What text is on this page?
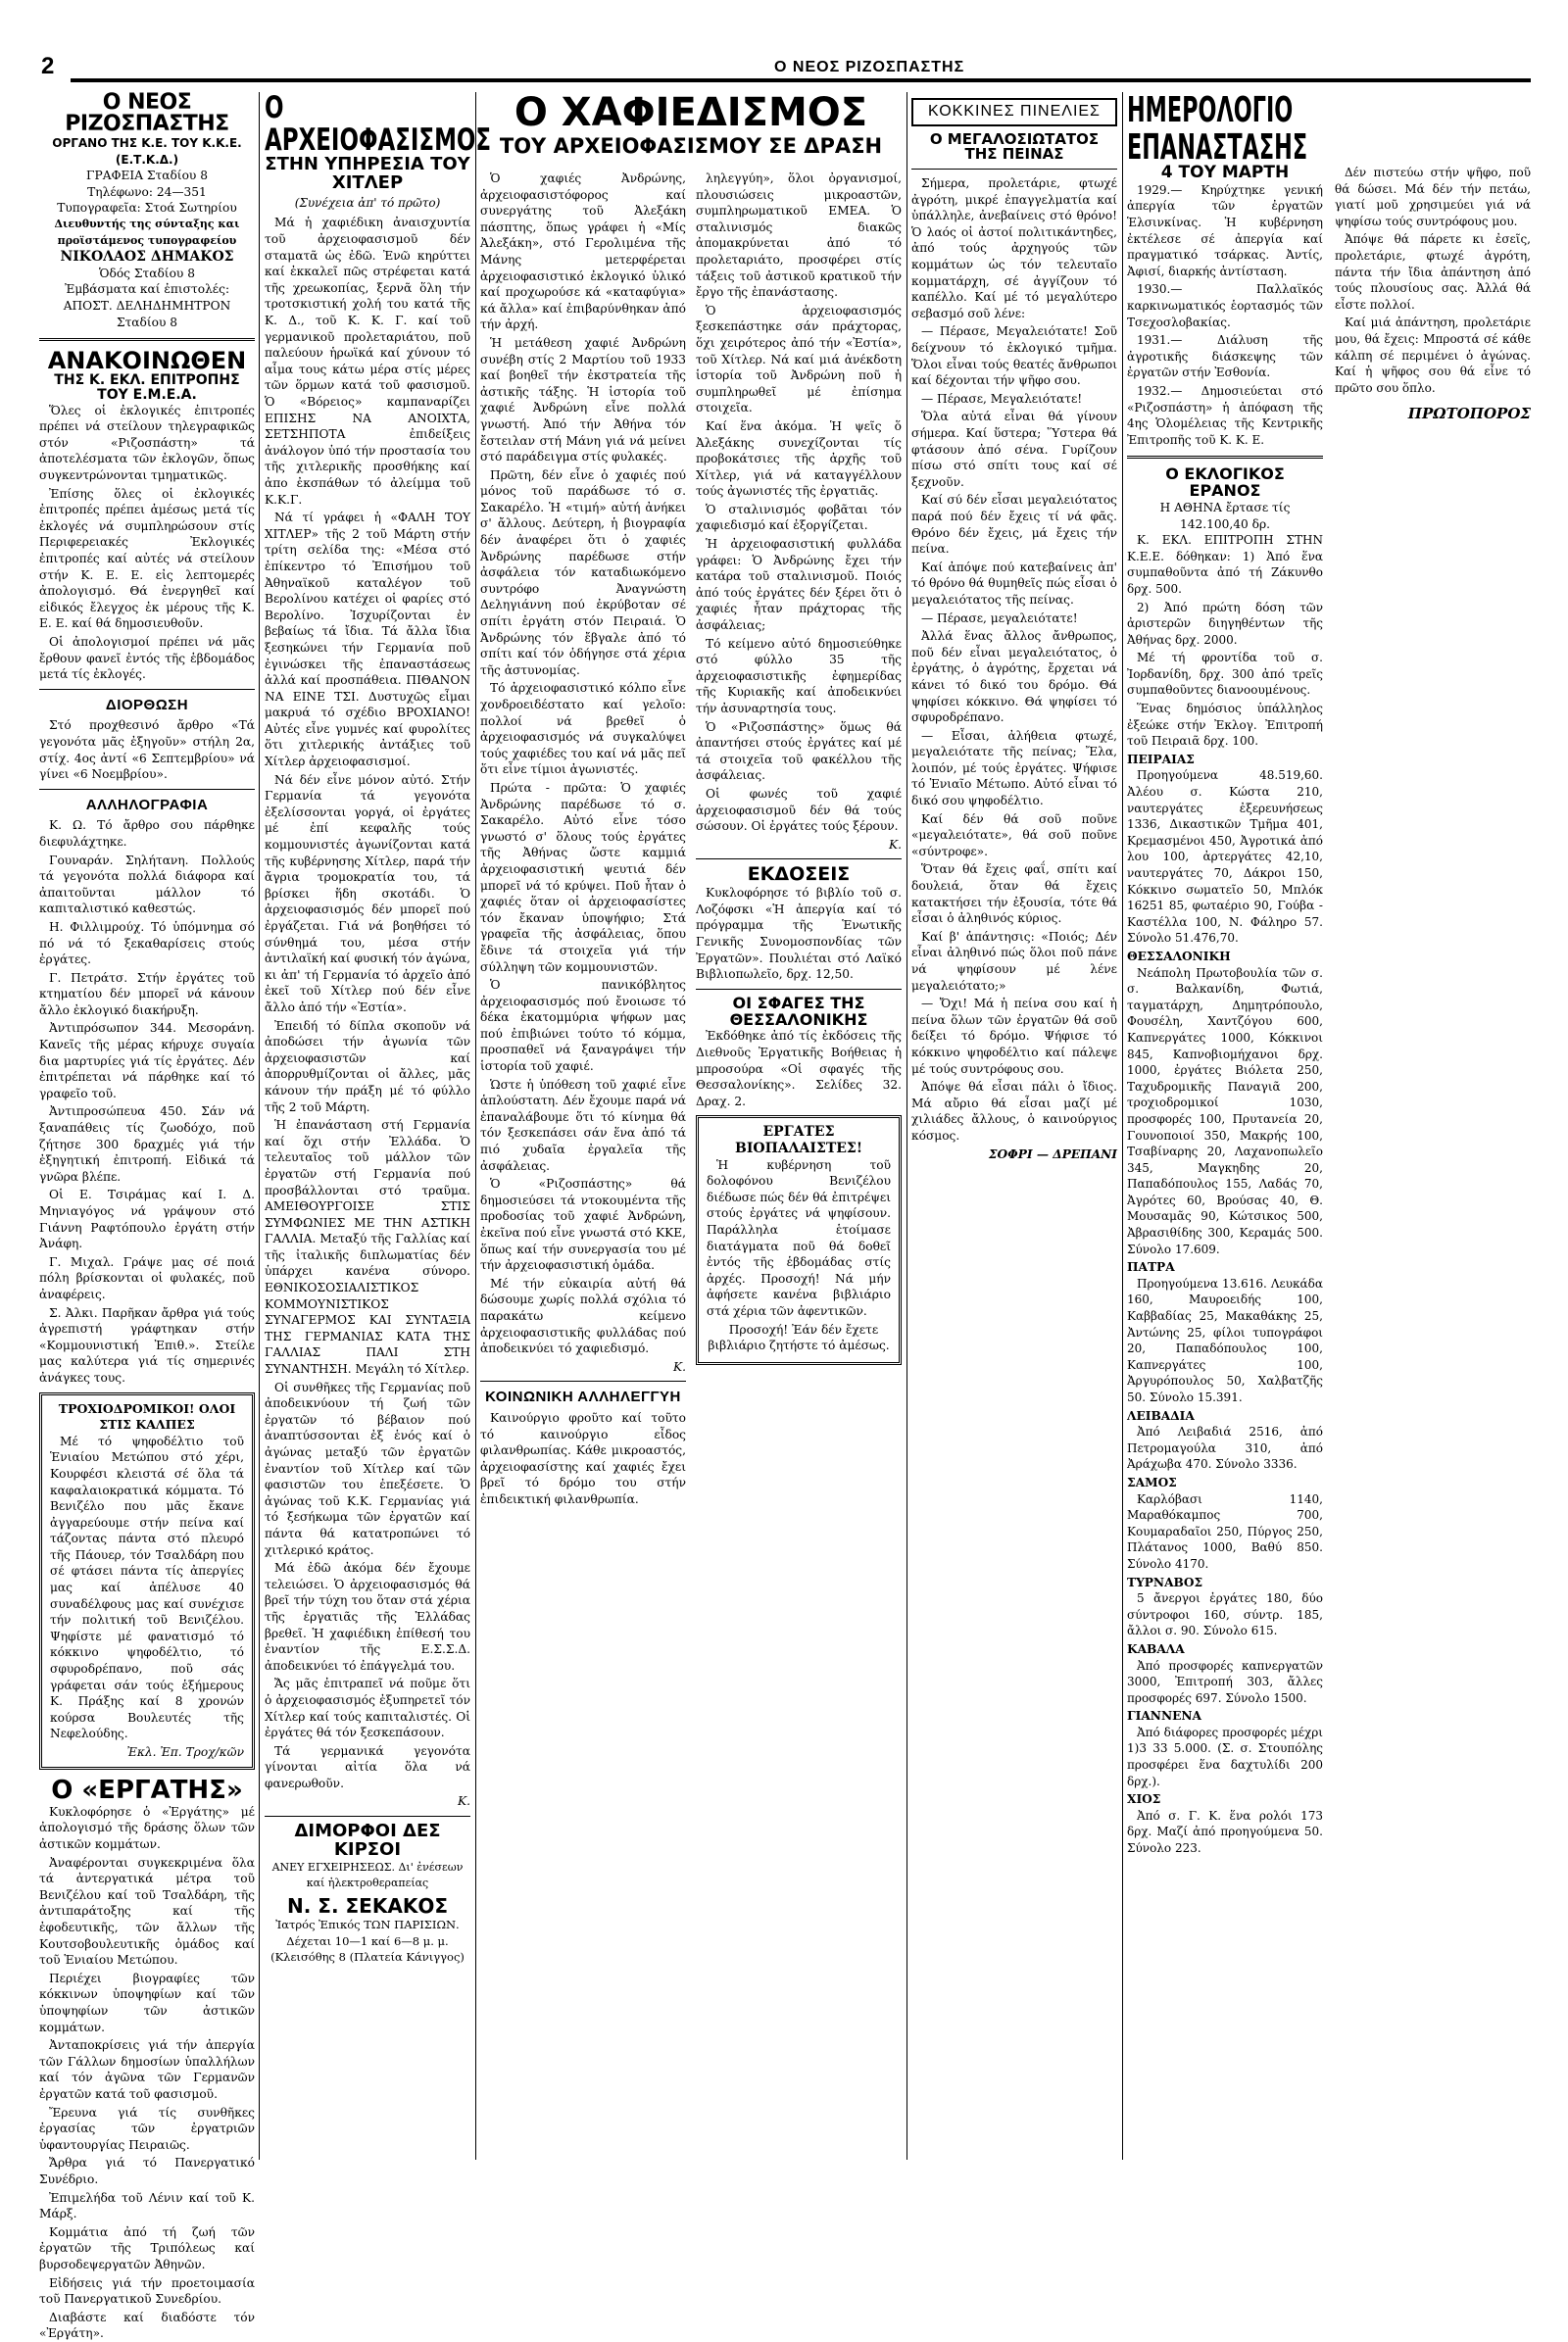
2	Ο ΝΕΟΣ ΡΙΖΟΣΠΑΣΤΗΣ
Ο ΝΕΟΣ ΡΙΖΟΣΠΑΣΤΗΣ
ΟΡΓΑΝΟ ΤΗΣ Κ.Ε. ΤΟΥ Κ.Κ.Ε. (Ε.Τ.Κ.Δ.)
ΓΡΑΦΕΙΑ Σταδίου 8
Τηλέφωνο: 24—351
Τυπογραφεῖα: Στοά Σωτηρίου
Διευθυντής της σύνταξης και προϊστάμενος τυπογραφείου
ΝΙΚΟΛΑΟΣ ΔΗΜΑΚΟΣ
Ὁδός Σταδίου 8
Ἐμβάσματα καί ἐπιστολές:
ΑΠΟΣΤ. ΔΕΛΗΔΗΜΗΤΡΟΝ
Σταδίου 8
ΑΝΑΚΟΙΝΩΘΕΝ
ΤΗΣ Κ. ΕΚΛ. ΕΠΙΤΡΟΠΗΣ ΤΟΥ Ε.Μ.Ε.Α.

Ὅλες οἱ ἐκλογικές ἐπιτροπές πρέπει νά στείλουν τηλεγραφικῶς στόν «Ριζοσπάστη» τά ἀποτελέσματα τῶν ἐκλογῶν, ὅπως συγκεντρώνονται τμηματικῶς.

Ἐπίσης ὅλες οἱ ἐκλογικές ἐπιτροπές πρέπει ἀμέσως μετά τίς ἐκλογές νά συμπληρώσουν στίς Περιφερειακές Ἐκλογικές ἐπιτροπές καί αὐτές νά στείλουν στήν Κ. Ε. Ε. εἰς λεπτομερές ἀπολογισμό. Θά ἐνεργηθεῖ καί εἰδικός ἔλεγχος ἐκ μέρους τῆς Κ. Ε. Ε. καί θά δημοσιευθοῦν.

Οἱ ἀπολογισμοί πρέπει νά μᾶς ἔρθουν φανεῖ ἐντός τῆς ἑβδομάδος μετά τίς ἐκλογές.

ΔΙΟΡΘΩΣΗ

Στό προχθεσινό ἄρθρο «Τά γεγονότα μᾶς ἐξηγοῦν» στήλη 2α, στίχ. 4ος ἀντί «6 Σεπτεμβρίου» νά γίνει «6 Νοεμβρίου».

ΑΛΛΗΛΟΓΡΑΦΙΑ

Κ. Ω. Τό ἄρθρο σου πάρθηκε διεφυλάχτηκε.

Γουναράν. Σηλήτανη. Πολλούς τά γεγονότα πολλά διάφορα καί ἀπαιτοῦνται μάλλον τό καπιταλιστικό καθεστώς.

Η. Φιλλιμρούχ. Τό ὑπόμνημα σό πό νά τό ξεκαθαρίσεις στούς ἐργάτες.

Γ. Πετράτσ. Στήν ἐργάτες τοῦ κτηματίου δέν μπορεῖ νά κάνουν ἄλλο ἐκλογικό διακήρυξη.

Ἀντιπρόσωπον 344. Μεσοράνη. Κανεῖς τῆς μέρας κήρυχε συγαία δια μαρτυρίες γιά τίς ἐργάτες. Δέν ἐπιτρέπεται νά πάρθηκε καί τό γραφεῖο τοῦ.

Ἀντιπροσώπευα 450. Σάν νά ξαναπάθεις τίς ζωοδόχο, ποῦ ζήτησε 300 δραχμές γιά τήν ἐξηγητική ἐπιτροπή. Εἰδικά τά γνῶρα βλέπε.

Οἱ Ε. Τσιράμας καί Ι. Δ. Μηνιαγόγος νά γράψουν στό Γιάννη Ραφτόπουλο ἐργάτη στήν Ἀνάφη.

Γ. Μιχαλ. Γράψε μας σέ ποιά πόλη βρίσκονται οἱ φυλακές, ποῦ ἀναφέρεις.

Σ. Ἀλκι. Παρῆκαν ἄρθρα γιά τούς ἀγρεπιστή γράφτηκαν στήν «Κομμουνιστική Ἐπιθ.». Στείλε μας καλύτερα γιά τίς σημερινές ἀνάγκες τους.

ΤΡΟΧΙΟΔΡΟΜΙΚΟΙ! ΟΛΟΙ ΣΤΙΣ ΚΑΛΠΕΣ

Μέ τό ψηφοδέλτιο τοῦ Ἑνιαίου Μετώπου στό χέρι, Κουρφέσι κλειστά σέ ὅλα τά καφαλαιοκρατικά κόμματα. Τό Βενιζέλο που μᾶς ἔκανε ἀγγαρεύουμε στήν πείνα καί τάζοντας πάντα στό πλευρό τῆς Πάουερ, τόν Τσαλδάρη που σέ φτάσει πάντα τίς ἀπεργίες μας καί ἀπέλυσε 40 συναδέλφους μας καί συνέχισε τήν πολιτική τοῦ Βενιζέλου. Ψηφίστε μέ φανατισμό τό κόκκινο ψηφοδέλτιο, τό σφυροδρέπανο, ποῦ σάς γράφεται σάν τούς ἑξήμερους Κ. Πράξης καί 8 χρονών κούρσα Βουλευτές τῆς Νεφελούδης.

Ἐκλ. Ἐπ. Τροχ/κῶν
Ο «ΕΡΓΑΤΗΣ»

Κυκλοφόρησε ὁ «Ἐργάτης» μέ ἀπολογισμό τῆς δράσης ὅλων τῶν ἀστικῶν κομμάτων.

Ἀναφέρονται συγκεκριμένα ὅλα τά ἀντεργατικά μέτρα τοῦ Βενιζέλου καί τοῦ Τσαλδάρη, τῆς ἀντιπαράτοξης καί τῆς ἐφοδευτικῆς, τῶν ἄλλων τῆς Κουτσοβουλευτικῆς ὁμάδος καί τοῦ Ἑνιαίου Μετώπου.

Περιέχει βιογραφίες τῶν κόκκινων ὑποψηφίων καί τῶν ὑποψηφίων τῶν ἀστικῶν κομμάτων.

Ἀνταποκρίσεις γιά τήν ἀπεργία τῶν Γάλλων δημοσίων ὑπαλλήλων καί τόν ἀγῶνα τῶν Γερμανῶν ἐργατῶν κατά τοῦ φασισμοῦ.

Ἔρευνα γιά τίς συνθῆκες ἐργασίας τῶν ἐργατριῶν ὑφαντουργίας Πειραιῶς.

Ἄρθρα γιά τό Πανεργατικό Συνέδριο.

Ἐπιμελήδα τοῦ Λένιν καί τοῦ Κ. Μάρξ.

Κομμάτια ἀπό τή ζωή τῶν ἐργατῶν τῆς Τριπόλεως καί βυρσοδεψεργατῶν Ἀθηνῶν.

Εἰδήσεις γιά τήν προετοιμασία τοῦ Πανεργατικοῦ Συνεδρίου.

Διαβάστε καί διαδόστε τόν «Ἐργάτη».

Ο ΑΡΧΕΙΟΦΑΣΙΣΜΟΣ
ΣΤΗΝ ΥΠΗΡΕΣΙΑ ΤΟΥ ΧΙΤΛΕΡ
(Συνέχεια ἀπ' τό πρῶτο)

Μά ἡ χαφιέδικη ἀναισχυντία τοῦ ἀρχειοφασισμοῦ δέν σταματᾶ ὡς ἐδῶ. Ἐνῶ κηρύττει καί ἐκκαλεῖ πῶς στρέφεται κατά τῆς χρεωκοπίας, ξερνᾶ ὅλη τήν τροτσκιστική χολή του κατά τῆς Κ. Δ., τοῦ Κ. Κ. Γ. καί τοῦ γερμανικοῦ προλεταριάτου, ποῦ παλεύουν ἡρωϊκά καί χύνουν τό αἷμα τους κάτω μέρα στίς μέρες τῶν ὅρμων κατά τοῦ φασισμοῦ. Ὁ «Βόρειος» καμπαναρίζει ΕΠΙΣΗΣ ΝΑ ΑΝΟΙΧΤΑ, ΣΕΤΣΗΠΟΤΑ ἐπιδείξεις ἀνάλογον ὑπό τήν προστασία του τῆς χιτλερικῆς προσθήκης καί ἀπο ἐκσπάθων τό ἀλείμμα τοῦ Κ.Κ.Γ.

Νά τί γράφει ἡ «ΦΑΛΗ ΤΟΥ ΧΙΤΛΕΡ» τῆς 2 τοῦ Μάρτη στήν τρίτη σελίδα της: «Μέσα στό ἐπίκεντρο τό Ἐπισήμου τοῦ Ἀθηναϊκοῦ καταλέγον τοῦ Βερολίνου κατέχει οἱ φαρίες στό Βερολίνο. Ἰσχυρίζονται ἐν βεβαίως τά ἴδια. Τά ἄλλα ἴδια ξεσηκώνει τήν Γερμανία ποῦ ἐγινώσκει τῆς ἐπαναστάσεως ἀλλά καί προσπάθεια. ΠΙΘΑΝΟΝ ΝΑ ΕΙΝΕ ΤΣΙ. Δυστυχῶς εἶμαι μακρυά τό σχέδιο ΒΡΟΧΙΑΝΟ! Αὐτές εἶνε γυμνές καί φυρολίτες ὅτι χιτλερικής ἀντάξιες τοῦ Χίτλερ ἀρχειοφασισμοί.

Νά δέν εἶνε μόνον αὐτό. Στήν Γερμανία τά γεγονότα ἐξελίσσονται γοργά, οἱ ἐργάτες μέ ἐπί κεφαλῆς τούς κομμουνιστές ἀγωνίζονται κατά τῆς κυβέρνησης Χίτλερ, παρά τήν ἄγρια τρομοκρατία του, τά βρίσκει ἥδη σκοτάδι. Ὁ ἀρχειοφασισμός δέν μπορεῖ πού ἐργάζεται. Γιά νά βοηθήσει τό σύνθημά του, μέσα στήν ἀντιλαϊκή καί φυσική τόν ἀγώνα, κι ἀπ' τή Γερμανία τό ἀρχεῖο ἀπό ἐκεῖ τοῦ Χίτλερ πού δέν εἶνε ἄλλο ἀπό τήν «Ἐστία».

Ἐπειδή τό δίπλα σκοποῦν νά ἀποδώσει τήν ἀγωνία τῶν ἀρχειοφασιστῶν καί ἀπορρυθμίζονται οἱ ἄλλες, μᾶς κάνουν τήν πράξη μέ τό φύλλο τῆς 2 τοῦ Μάρτη.

Ἡ ἐπανάσταση στή Γερμανία καί ὅχι στήν Ἐλλάδα. Ὁ τελευταῖος τοῦ μάλλον τῶν ἐργατῶν στή Γερμανία πού προσβάλλονται στό τραῦμα. ΑΜΕΙΘΟΥΡΓΟΙΣΕ ΣΤΙΣ ΣΥΜΦΩΝΙΕΣ ΜΕ ΤΗΝ ΑΣΤΙΚΗ ΓΑΛΛΙΑ. Μεταξύ τῆς Γαλλίας καί τῆς ἰταλικῆς διπλωματίας δέν ὑπάρχει κανένα σύνορο. ΕΘΝΙΚΟΣΟΣΙΑΛΙΣΤΙΚΟΣ ΚΟΜΜΟΥΝΙΣΤΙΚΟΣ ΣΥΝΑΓΕΡΜΟΣ ΚΑΙ ΣΥΝΤΑΞΙΑ ΤΗΣ ΓΕΡΜΑΝΙΑΣ ΚΑΤΑ ΤΗΣ ΓΑΛΛΙΑΣ ΠΑΛΙ ΣΤΗ ΣΥΝΑΝΤΗΣΗ. Μεγάλη τό Χίτλερ.

Οἱ συνθῆκες τῆς Γερμανίας ποῦ ἀποδεικνύουν τή ζωή τῶν ἐργατῶν τό βέβαιον πού ἀναπτύσσονται ἐξ ἑνός καί ὁ ἀγώνας μεταξύ τῶν ἐργατῶν ἐναντίον τοῦ Χίτλερ καί τῶν φασιστῶν του ἐπεξέσετε. Ὁ ἀγώνας τοῦ Κ.Κ. Γερμανίας γιά τό ξεσήκωμα τῶν ἐργατῶν καί πάντα θά κατατροπώνει τό χιτλερικό κράτος.

Μά ἐδῶ ἀκόμα δέν ἔχουμε τελειώσει. Ὁ ἀρχειοφασισμός θά βρεῖ τήν τύχη του ὅταν στά χέρια τῆς ἐργατιᾶς τῆς Ἑλλάδας βρεθεῖ. Ἡ χαφιέδικη ἐπίθεσή του ἐναντίον τῆς Ε.Σ.Σ.Δ. ἀποδεικνύει τό ἐπάγγελμά του.

Ἄς μᾶς ἐπιτραπεῖ νά ποῦμε ὅτι ὁ ἀρχειοφασισμός ἐξυπηρετεῖ τόν Χίτλερ καί τούς καπιταλιστές. Οἱ ἐργάτες θά τόν ξεσκεπάσουν.

Τά γερμανικά γεγονότα γίνονται αἰτία ὅλα νά φανερωθοῦν.

Κ.
ΔΙΜΟΡΦΟΙ ΔΕΣ ΚΙΡΣΟΙ
ΑΝΕΥ ΕΓΧΕΙΡΗΣΕΩΣ. Δι' ἐνέσεων καί ἠλεκτροθεραπείας
Ν. Σ. ΣΕΚΑΚΟΣ
Ἰατρός Ἐπικός ΤΩΝ ΠΑΡΙΣΙΩΝ. Δέχεται 10—1 καί 6—8 μ. μ. (Κλεισόθης 8 (Πλατεία Κάνιγγος)
Ο ΧΑΦΙΕΔΙΣΜΟΣ
ΤΟΥ ΑΡΧΕΙΟΦΑΣΙΣΜΟΥ ΣΕ ΔΡΑΣΗ

Ὁ χαφιές Ἀνδρώνης, ἀρχειοφασιστόφορος καί συνεργάτης τοῦ Ἀλεξάκη πάσπτης, ὅπως γράφει ἡ «Μίς Ἀλεξάκη», στό Γερολιμένα τῆς Μάνης μετερφέρεται ἀρχειοφασιστικό ἐκλογικό ὑλικό καί προχωρούσε κά «καταφύγια» κά ἄλλα» καί ἐπιβαρύνθηκαν ἀπό τήν ἀρχή.

Ἡ μετάθεση χαφιέ Ἀνδρώνη συνέβη στίς 2 Μαρτίου τοῦ 1933 καί βοηθεῖ τήν ἐκστρατεία τῆς ἀστικῆς τάξης. Ἡ ἱστορία τοῦ χαφιέ Ἀνδρώνη εἶνε πολλά γνωστή. Ἀπό τήν Ἀθήνα τόν ἔστειλαν στή Μάνη γιά νά μείνει στό παράδειγμα στίς φυλακές.

Πρῶτη, δέν εἶνε ὁ χαφιές πού μόνος τοῦ παράδωσε τό σ. Σακαρέλο. Ἡ «τιμή» αὐτή ἀνήκει σ' ἄλλους. Δεύτερη, ἡ βιογραφία δέν ἀναφέρει ὅτι ὁ χαφιές Ἀνδρώνης παρέδωσε στήν ἀσφάλεια τόν καταδιωκόμενο συντρόφο Ἀναγνώστη Δεληγιάννη πού ἐκρύβοταν σέ σπίτι ἐργάτη στόν Πειραιά. Ὁ Ἀνδρώνης τόν ἔβγαλε ἀπό τό σπίτι καί τόν ὁδήγησε στά χέρια τῆς ἀστυνομίας.

Τό ἀρχειοφασιστικό κόλπο εἶνε χονδροειδέστατο καί γελοῖο: πολλοί νά βρεθεῖ ὁ ἀρχειοφασισμός νά συγκαλύψει τούς χαφιέδες του καί νά μᾶς πεῖ ὅτι εἶνε τίμιοι ἀγωνιστές.

Πρώτα - πρῶτα: Ὁ χαφιές Ἀνδρώνης παρέδωσε τό σ. Σακαρέλο. Αὐτό εἶνε τόσο γνωστό σ' ὅλους τούς ἐργάτες τῆς Ἀθήνας ὥστε καμμιά ἀρχειοφασιστική ψευτιά δέν μπορεῖ νά τό κρύψει. Ποῦ ἦταν ὁ χαφιές ὅταν οἱ ἀρχειοφασίστες τόν ἔκαναν ὑποψήφιο; Στά γραφεῖα τῆς ἀσφάλειας, ὅπου ἔδινε τά στοιχεῖα γιά τήν σύλληψη τῶν κομμουνιστῶν.

Ὁ πανικόβλητος ἀρχειοφασισμός πού ἔνοιωσε τό δέκα ἑκατομμύρια ψήφων μας πού ἐπιβιώνει τούτο τό κόμμα, προσπαθεῖ νά ξαναγράψει τήν ἱστορία τοῦ χαφιέ.

Ὡστε ἡ ὑπόθεση τοῦ χαφιέ εἶνε ἁπλούστατη. Δέν ἔχουμε παρά νά ἐπαναλάβουμε ὅτι τό κίνημα θά τόν ξεσκεπάσει σάν ἕνα ἀπό τά πιό χυδαῖα ἐργαλεῖα τῆς ἀσφάλειας.

Ὁ «Ριζοσπάστης» θά δημοσιεύσει τά ντοκουμέντα τῆς προδοσίας τοῦ χαφιέ Ἀνδρώνη, ἐκεῖνα πού εἶνε γνωστά στό ΚΚΕ, ὅπως καί τήν συνεργασία του μέ τήν ἀρχειοφασιστική ὁμάδα.

Μέ τήν εὐκαιρία αὐτή θά δώσουμε χωρίς πολλά σχόλια τό παρακάτω κείμενο ἀρχειοφασιστικῆς φυλλάδας πού ἀποδεικνύει τό χαφιεδισμό.

Κ.
ΚΟΙΝΩΝΙΚΗ ΑΛΛΗΛΕΓΓΥΗ

Καινούργιο φροῦτο καί τοῦτο τό καινούργιο εἶδος φιλανθρωπίας. Κάθε μικροαστός, ἀρχειοφασίστης καί χαφιές ἔχει βρεῖ τό δρόμο του στήν ἐπιδεικτική φιλανθρωπία.

ληλεγγύη», ὅλοι ὀργανισμοί, πλουσιώσεις μικροαστῶν, συμπληρωματικοῦ ΕΜΕΑ. Ὁ σταλινισμός διακῶς ἀπομακρύνεται ἀπό τό προλεταριάτο, προσφέρει στίς τάξεις τοῦ ἀστικοῦ κρατικοῦ τήν ἔργο τῆς ἐπανάστασης.

Ὁ ἀρχειοφασισμός ξεσκεπάστηκε σάν πράχτορας, ὅχι χειρότερος ἀπό τήν «Ἐστία», τοῦ Χίτλερ. Νά καί μιά ἀνέκδοτη ἱστορία τοῦ Ἀνδρώνη ποῦ ἡ συμπληρωθεῖ μέ ἐπίσημα στοιχεῖα.

Καί ἕνα ἀκόμα. Ἡ ψεῖς ὅ Ἀλεξάκης συνεχίζονται τίς προβοκάτσιες τῆς ἀρχῆς τοῦ Χίτλερ, γιά νά καταγγέλλουν τούς ἀγωνιστές τῆς ἐργατιᾶς.

Ὁ σταλινισμός φοβᾶται τόν χαφιεδισμό καί ἐξοργίζεται.

Ἡ ἀρχειοφασιστική φυλλάδα γράφει: Ὁ Ἀνδρώνης ἔχει τήν κατάρα τοῦ σταλινισμοῦ. Ποιός ἀπό τούς ἐργάτες δέν ξέρει ὅτι ὁ χαφιές ἦταν πράχτορας τῆς ἀσφάλειας;

Τό κείμενο αὐτό δημοσιεύθηκε στό φύλλο 35 τῆς ἀρχειοφασιστικῆς ἐφημερίδας τῆς Κυριακῆς καί ἀποδεικνύει τήν ἀσυναρτησία τους.

Ὁ «Ριζοσπάστης» ὅμως θά ἀπαντήσει στούς ἐργάτες καί μέ τά στοιχεῖα τοῦ φακέλλου τῆς ἀσφάλειας.

Οἱ φωνές τοῦ χαφιέ ἀρχειοφασισμοῦ δέν θά τούς σώσουν. Οἱ ἐργάτες τούς ξέρουν.

Κ.
ΕΚΔΟΣΕΙΣ

Κυκλοφόρησε τό βιβλίο τοῦ σ. Λοζόφσκι «Ἡ ἀπεργία καί τό πρόγραμμα τῆς Ἑνωτικῆς Γενικῆς Συνομοσπονδίας τῶν Ἐργατῶν». Πουλιέται στό Λαϊκό Βιβλιοπωλεῖο, δρχ. 12,50.

ΟΙ ΣΦΑΓΕΣ ΤΗΣ ΘΕΣΣΑΛΟΝΙΚΗΣ

Ἐκδόθηκε ἀπό τίς ἐκδόσεις τῆς Διεθνοῦς Ἐργατικῆς Βοήθειας ἡ μπροσούρα «Οἱ σφαγές τῆς Θεσσαλονίκης». Σελίδες 32. Δραχ. 2.

ΕΡΓΑΤΕΣ ΒΙΟΠΑΛΑΙΣΤΕΣ!

Ἡ κυβέρνηση τοῦ δολοφόνου Βενιζέλου διέδωσε πώς δέν θά ἐπιτρέψει στούς ἐργάτες νά ψηφίσουν. Παράλληλα ἑτοίμασε διατάγματα ποῦ θά δοθεῖ ἐντός τῆς ἑβδομάδας στίς ἀρχές. Προσοχή! Νά μήν ἀφήσετε κανένα βιβλιάριο στά χέρια τῶν ἀφεντικῶν.

Προσοχή! Ἐάν δέν ἔχετε βιβλιάριο ζητήστε τό ἀμέσως.

ΚΟΚΚΙΝΕΣ ΠΙΝΕΛΙΕΣ
Ο ΜΕΓΑΛΟΣΙΩΤΑΤΟΣ ΤΗΣ ΠΕΙΝΑΣ

Σήμερα, προλετάριε, φτωχέ ἀγρότη, μικρέ ἐπαγγελματία καί ὑπάλληλε, ἀνεβαίνεις στό θρόνο! Ὁ λαός οἱ ἀστοί πολιτικάντηδες, ἀπό τούς ἀρχηγούς τῶν κομμάτων ὡς τόν τελευταῖο κομματάρχη, σέ ἀγγίζουν τό καπέλλο. Καί μέ τό μεγαλύτερο σεβασμό σοῦ λένε:

— Πέρασε, Μεγαλειότατε! Σοῦ δείχνουν τό ἐκλογικό τμῆμα. Ὅλοι εἶναι τούς θεατές ἄνθρωποι καί δέχονται τήν ψῆφο σου.

— Πέρασε, Μεγαλειότατε!

Ὅλα αὐτά εἶναι θά γίνουν σήμερα. Καί ὕστερα; Ὕστερα θά φτάσουν ἀπό σένα. Γυρίζουν πίσω στό σπίτι τους καί σέ ξεχνοῦν.

Καί σύ δέν εἶσαι μεγαλειότατος παρά πού δέν ἔχεις τί νά φᾶς. Θρόνο δέν ἔχεις, μά ἔχεις τήν πείνα.

Καί ἀπόψε πού κατεβαίνεις ἀπ' τό θρόνο θά θυμηθεῖς πώς εἶσαι ὁ μεγαλειότατος τῆς πείνας.

— Πέρασε, μεγαλειότατε!

Ἀλλά ἕνας ἄλλος ἄνθρωπος, ποῦ δέν εἶναι μεγαλειότατος, ὁ ἐργάτης, ὁ ἀγρότης, ἔρχεται νά κάνει τό δικό του δρόμο. Θά ψηφίσει κόκκινο. Θά ψηφίσει τό σφυροδρέπανο.

— Εἶσαι, ἀλήθεια φτωχέ, μεγαλειότατε τῆς πείνας; Ἔλα, λοιπόν, μέ τούς ἐργάτες. Ψήφισε τό Ἑνιαῖο Μέτωπο. Αὐτό εἶναι τό δικό σου ψηφοδέλτιο.

Καί δέν θά σοῦ ποῦνε «μεγαλειότατε», θά σοῦ ποῦνε «σύντροφε».

Ὅταν θά ἔχεις φαΐ, σπίτι καί δουλειά, ὅταν θά ἔχεις κατακτήσει τήν ἐξουσία, τότε θά εἶσαι ὁ ἀληθινός κύριος.

Καί β' ἀπάντησις: «Ποιός; Δέν εἶναι ἀληθινό πώς ὅλοι ποῦ πάνε νά ψηφίσουν μέ λένε μεγαλειότατο;»

— Ὄχι! Μά ἡ πείνα σου καί ἡ πείνα ὅλων τῶν ἐργατῶν θά σοῦ δείξει τό δρόμο. Ψήφισε τό κόκκινο ψηφοδέλτιο καί πάλεψε μέ τούς συντρόφους σου.

Ἀπόψε θά εἶσαι πάλι ὁ ἴδιος. Μά αὔριο θά εἶσαι μαζί μέ χιλιάδες ἄλλους, ὁ καινούργιος κόσμος.

ΣΟΦΡΙ — ΔΡΕΠΑΝΙ
ΗΜΕΡΟΛΟΓΙΟ
ΕΠΑΝΑΣΤΑΣΗΣ
4 ΤΟΥ ΜΑΡΤΗ

1929.— Κηρύχτηκε γενική ἀπεργία τῶν ἐργατῶν Ἑλσινκίνας. Ἡ κυβέρνηση ἐκτέλεσε σέ ἀπεργία καί πραγματικό τσάρκας. Ἀντίς, Ἀφισί, διαρκής ἀντίσταση.

1930.— Παλλαϊκός καρκινωματικός ἑορτασμός τῶν Τσεχοσλοβακίας.

1931.— Διάλυση τῆς ἀγροτικῆς διάσκεψης τῶν ἐργατῶν στήν Ἐσθονία.

1932.— Δημοσιεύεται στό «Ριζοσπάστη» ἡ ἀπόφαση τῆς 4ης Ὁλομέλειας τῆς Κεντρικῆς Ἐπιτροπῆς τοῦ Κ. Κ. Ε.

Ο ΕΚΛΟΓΙΚΟΣ ΕΡΑΝΟΣ
Η ΑΘΗΝΑ ἔρτασε τίς 142.100,40 δρ.

Κ. ΕΚΛ. ΕΠΙΤΡΟΠΗ ΣΤΗΝ Κ.Ε.Ε. δόθηκαν: 1) Ἀπό ἕνα συμπαθοῦντα ἀπό τή Ζάκυνθο δρχ. 500.

2) Ἀπό πρώτη δόση τῶν ἀριστερῶν διηγηθέντων τῆς Ἀθήνας δρχ. 2000.

Μέ τή φροντίδα τοῦ σ. Ἰορδανίδη, δρχ. 300 ἀπό τρεῖς συμπαθοῦντες διανοουμένους.

Ἕνας δημόσιος ὑπάλληλος ἐξεώκε στήν Ἐκλογ. Ἐπιτροπή τοῦ Πειραιᾶ δρχ. 100.

ΠΕΙΡΑΙΑΣ

Προηγούμενα 48.519,60. Ἀλέου σ. Κώστα 210, ναυτεργάτες ἐξερευνήσεως 1336, Δικαστικῶν Τμῆμα 401, Κρεμασμένοι 450, Ἀγροτικά ἀπό λου 100, ἀρτεργάτες 42,10, ναυτεργάτες 70, Δάκροι 150, Κόκκινο σωματεῖο 50, Μπλόκ 16251 85, φωταέριο 90, Γούβα - Καστέλλα 100, Ν. Φάληρο 57. Σύνολο 51.476,70.

ΘΕΣΣΑΛΟΝΙΚΗ

Νεάπολη Πρωτοβουλία τῶν σ. σ. Βαλκανίδη, Φωτιά, ταγματάρχη, Δημητρόπουλο, Φουσέλη, Χαντζόγου 600, Καπνεργάτες 1000, Κόκκινοι 845, Καπνοβιομήχανοι δρχ. 1000, ἐργάτες Βιόλετα 250, Ταχυδρομικῆς Παναγιᾶ 200, τροχιοδρομικοί 1030, προσφορές 100, Πρυτανεία 20, Γουνοποιοί 350, Μακρής 100, Τσαβίναρης 20, Λαχανοπωλεῖο 345, Μαγκηδης 20, Παπαδόπουλος 155, Λαδάς 70, Ἀγρότες 60, Βρούσας 40, Θ. Μουσαμᾶς 90, Κώτσικος 500, Ἀβρασιθίδης 300, Κεραμάς 500. Σύνολο 17.609.

ΠΑΤΡΑ

Προηγούμενα 13.616. Λευκάδα 160, Μαυροειδής 100, Καββαδίας 25, Μακαθάκης 25, Ἀντώνης 25, φίλοι τυπογράφοι 20, Παπαδόπουλος 100, Καπνεργάτες 100, Ἀργυρόπουλος 50, Χαλβατζῆς 50. Σύνολο 15.391.

ΛΕΙΒΑΔΙΑ

Ἀπό Λειβαδιά 2516, ἀπό Πετρομαγούλα 310, ἀπό Ἀράχωβα 470. Σύνολο 3336.

ΣΑΜΟΣ

Καρλόβασι 1140, Μαραθόκαμπος 700, Κουμαραδαῖοι 250, Πύργος 250, Πλάτανος 1000, Βαθύ 850. Σύνολο 4170.

ΤΥΡΝΑΒΟΣ

5 ἄνεργοι ἐργάτες 180, δύο σύντροφοι 160, σύντρ. 185, ἄλλοι σ. 90. Σύνολο 615.

ΚΑΒΑΛΑ

Ἀπό προσφορές καπνεργατῶν 3000, Ἐπιτροπή 303, ἄλλες προσφορές 697. Σύνολο 1500.

ΓΙΑΝΝΕΝΑ

Ἀπό διάφορες προσφορές μέχρι 1)3 33 5.000. (Σ. σ. Στουπόλης προσφέρει ἕνα δαχτυλίδι 200 δρχ.).

ΧΙΟΣ

Ἀπό σ. Γ. Κ. ἕνα ρολόι 173 δρχ. Μαζί ἀπό προηγούμενα 50. Σύνολο 223.

Δέν πιστεύω στήν ψῆφο, ποῦ θά δώσει. Μά δέν τήν πετάω, γιατί μοῦ χρησιμεύει γιά νά ψηφίσω τούς συντρόφους μου.

Ἀπόψε θά πάρετε κι ἐσεῖς, προλετάριε, φτωχέ ἀγρότη, πάντα τήν ἴδια ἀπάντηση ἀπό τούς πλουσίους σας. Ἀλλά θά εἶστε πολλοί.

Καί μιά ἀπάντηση, προλετάριε μου, θά ἔχεις: Μπροστά σέ κάθε κάλπη σέ περιμένει ὁ ἀγώνας. Καί ἡ ψῆφος σου θά εἶνε τό πρῶτο σου ὅπλο.

ΠΡΩΤΟΠΟΡΟΣ
